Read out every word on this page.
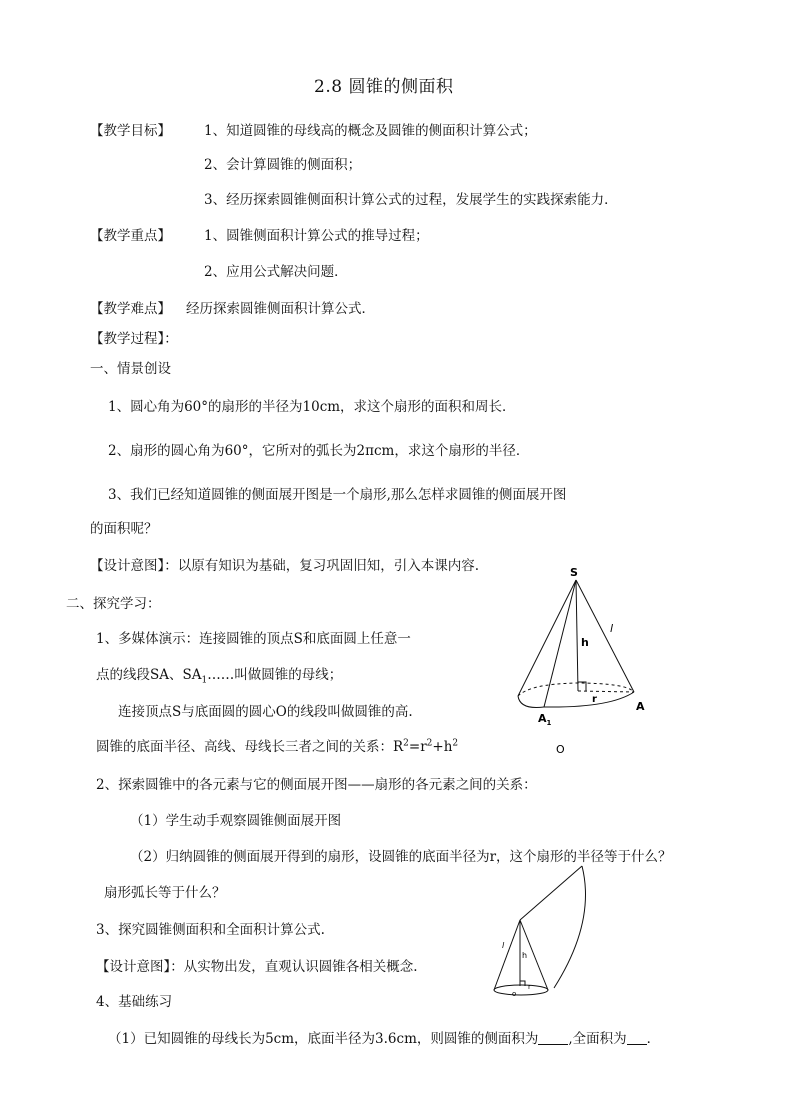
2.8 圆锥的侧面积
【教学目标】 1、知道圆锥的母线高的概念及圆锥的侧面积计算公式；
2、会计算圆锥的侧面积；
3、经历探索圆锥侧面积计算公式的过程，发展学生的实践探索能力．
【教学重点】 1、圆锥侧面积计算公式的推导过程；
2、应用公式解决问题．
【教学难点】 经历探索圆锥侧面积计算公式．
【教学过程】：
一、情景创设
1、圆心角为60°的扇形的半径为10cm，求这个扇形的面积和周长．
2、扇形的圆心角为60°，它所对的弧长为2πcm，求这个扇形的半径．
3、我们已经知道圆锥的侧面展开图是一个扇形,那么怎样求圆锥的侧面展开图
的面积呢？
【设计意图】：以原有知识为基础，复习巩固旧知，引入本课内容.
二、探究学习：
1、多媒体演示：连接圆锥的顶点S和底面圆上任意一
点的线段SA、$SA_1\dots\dots$叫做圆锥的母线；
连接顶点S与底面圆的圆心O的线段叫做圆锥的高.
圆锥的底面半径、高线、母线长三者之间的关系：$R^2=r^2+h^2$
2、探索圆锥中的各元素与它的侧面展开图——扇形的各元素之间的关系：
（1）学生动手观察圆锥侧面展开图
（2）归纳圆锥的侧面展开得到的扇形，设圆锥的底面半径为r，这个扇形的半径等于什么？
扇形弧长等于什么？
3、探究圆锥侧面积和全面积计算公式.
【设计意图】：从实物出发，直观认识圆锥各相关概念.
4、基础练习
（1）已知圆锥的母线长为5cm，底面半径为3.6cm，则圆锥的侧面积为 ,全面积为 ．
S
l
h
r
A
$A_1$
O
l
h
r
o
